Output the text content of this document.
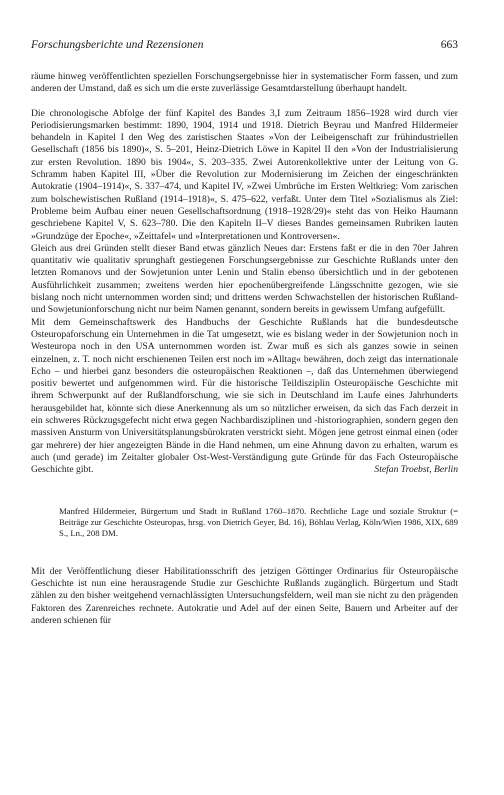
Forschungsberichte und Rezensionen	663

räume hinweg veröffentlichten speziellen Forschungsergebnisse hier in systematischer Form fassen, und zum anderen der Umstand, daß es sich um die erste zuverlässige Gesamtdarstellung überhaupt handelt.

Die chronologische Abfolge der fünf Kapitel des Bandes 3,I zum Zeitraum 1856–1928 wird durch vier Periodisierungsmarken bestimmt: 1890, 1904, 1914 und 1918. Dietrich Beyrau und Manfred Hildermeier behandeln in Kapitel I den Weg des zaristischen Staates »Von der Leibeigenschaft zur frühindustriellen Gesellschaft (1856 bis 1890)«, S. 5–201, Heinz-Dietrich Löwe in Kapitel II den »Von der Industrialisierung zur ersten Revolution. 1890 bis 1904«, S. 203–335. Zwei Autorenkollektive unter der Leitung von G. Schramm haben Kapitel III, »Über die Revolution zur Modernisierung im Zeichen der eingeschränkten Autokratie (1904–1914)«, S. 337–474, und Kapitel IV, »Zwei Umbrüche im Ersten Weltkrieg: Vom zarischen zum bolschewistischen Rußland (1914–1918)«, S. 475–622, verfaßt. Unter dem Titel »Sozialismus als Ziel: Probleme beim Aufbau einer neuen Gesellschaftsordnung (1918–1928/29)« steht das von Heiko Haumann geschriebene Kapitel V, S. 623–780. Die den Kapiteln II–V dieses Bandes gemeinsamen Rubriken lauten »Grundzüge der Epoche«, »Zeittafel« und »Interpretationen und Kontroversen«.

Gleich aus drei Gründen stellt dieser Band etwas gänzlich Neues dar: Erstens faßt er die in den 70er Jahren quantitativ wie qualitativ sprunghaft gestiegenen Forschungsergebnisse zur Geschichte Rußlands unter den letzten Romanovs und der Sowjetunion unter Lenin und Stalin ebenso übersichtlich und in der gebotenen Ausführlichkeit zusammen; zweitens werden hier epochenübergreifende Längsschnitte gezogen, wie sie bislang noch nicht unternommen worden sind; und drittens werden Schwachstellen der historischen Rußland- und Sowjetunionforschung nicht nur beim Namen genannt, sondern bereits in gewissem Umfang aufgefüllt.

Mit dem Gemeinschaftswerk des Handbuchs der Geschichte Rußlands hat die bundesdeutsche Osteuropaforschung ein Unternehmen in die Tat umgesetzt, wie es bislang weder in der Sowjetunion noch in Westeuropa noch in den USA unternommen worden ist. Zwar muß es sich als ganzes sowie in seinen einzelnen, z. T. noch nicht erschienenen Teilen erst noch im »Alltag« bewähren, doch zeigt das internationale Echo – und hierbei ganz besonders die osteuropäischen Reaktionen –, daß das Unternehmen überwiegend positiv bewertet und aufgenommen wird. Für die historische Teildisziplin Osteuropäische Geschichte mit ihrem Schwerpunkt auf der Rußlandforschung, wie sie sich in Deutschland im Laufe eines Jahrhunderts herausgebildet hat, könnte sich diese Anerkennung als um so nützlicher erweisen, da sich das Fach derzeit in ein schweres Rückzugsgefecht nicht etwa gegen Nachbardisziplinen und -historiographien, sondern gegen den massiven Ansturm von Universitätsplanungsbürokraten verstrickt sieht. Mögen jene getrost einmal einen (oder gar mehrere) der hier angezeigten Bände in die Hand nehmen, um eine Ahnung davon zu erhalten, warum es auch (und gerade) im Zeitalter globaler Ost-West-Verständigung gute Gründe für das Fach Osteuropäische Geschichte gibt.	Stefan Troebst, Berlin

Manfred Hildermeier, Bürgertum und Stadt in Rußland 1760–1870. Rechtliche Lage und soziale Struktur (= Beiträge zur Geschichte Osteuropas, hrsg. von Dietrich Geyer, Bd. 16), Böhlau Verlag, Köln/Wien 1986, XIX, 689 S., Ln., 208 DM.

Mit der Veröffentlichung dieser Habilitationsschrift des jetzigen Göttinger Ordinarius für Osteuropäische Geschichte ist nun eine herausragende Studie zur Geschichte Rußlands zugänglich. Bürgertum und Stadt zählen zu den bisher weitgehend vernachlässigten Untersuchungsfeldern, weil man sie nicht zu den prägenden Faktoren des Zarenreiches rechnete. Autokratie und Adel auf der einen Seite, Bauern und Arbeiter auf der anderen schienen für
